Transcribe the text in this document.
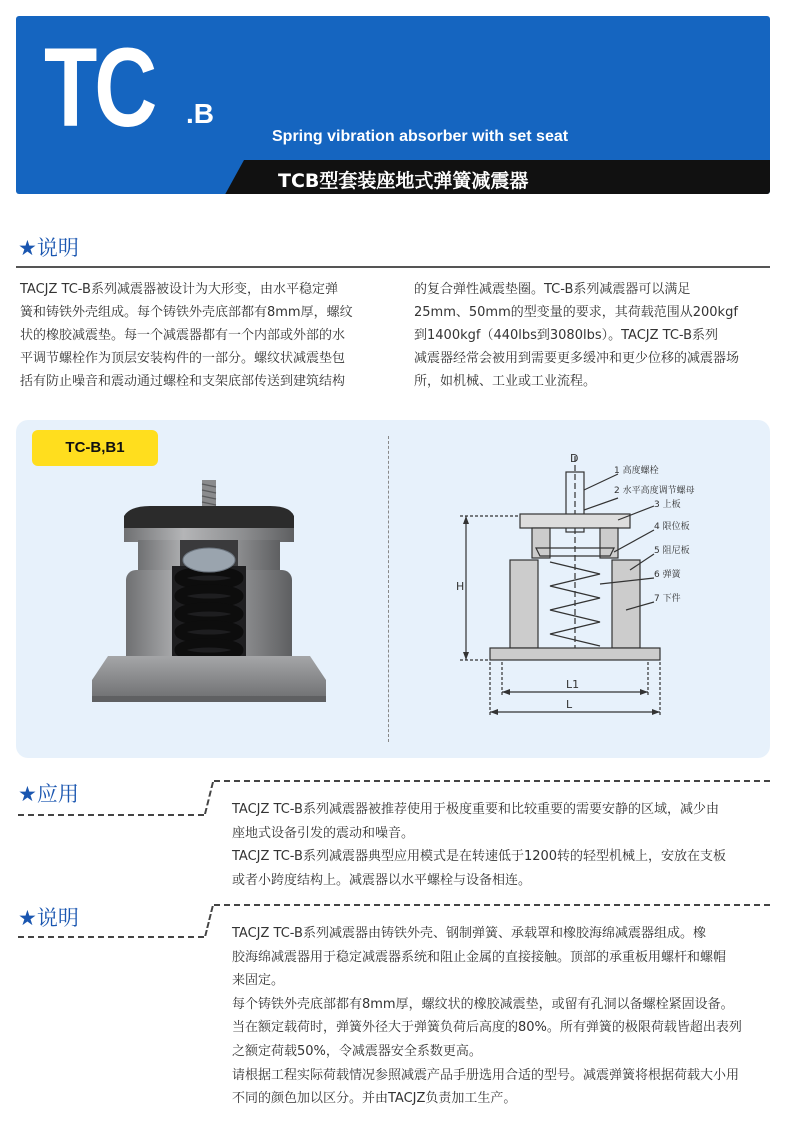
TC .B
Spring vibration absorber with set seat
TCB型套装座地式弹簧减震器
★说明

TACJZ TC-B系列减震器被设计为大形变，由水平稳定弹

簧和铸铁外壳组成。每个铸铁外壳底部都有8mm厚，螺纹

状的橡胶减震垫。每一个减震器都有一个内部或外部的水

平调节螺栓作为顶层安装构件的一部分。螺纹状减震垫包

括有防止噪音和震动通过螺栓和支架底部传送到建筑结构

的复合弹性减震垫圈。TC-B系列减震器可以满足

25mm、50mm的型变量的要求，其荷载范围从200kgf

到1400kgf（440lbs到3080lbs）。TACJZ TC-B系列

减震器经常会被用到需要更多缓冲和更少位移的减震器场

所，如机械、工业或工业流程。

TC-B,B1
D
H
L1
L
1 高度螺栓
2 水平高度调节螺母
3 上板
4 限位板
5 阻尼板
6 弹簧
7 下件
★应用

TACJZ TC-B系列减震器被推荐使用于极度重要和比较重要的需要安静的区域，减少由

座地式设备引发的震动和噪音。

TACJZ TC-B系列减震器典型应用模式是在转速低于1200转的轻型机械上，安放在支板

或者小跨度结构上。减震器以水平螺栓与设备相连。

★说明

TACJZ TC-B系列减震器由铸铁外壳、钢制弹簧、承载罩和橡胶海绵减震器组成。橡

胶海绵减震器用于稳定减震器系统和阻止金属的直接接触。顶部的承重板用螺杆和螺帽

来固定。

每个铸铁外壳底部都有8mm厚，螺纹状的橡胶减震垫，或留有孔洞以备螺栓紧固设备。

当在额定载荷时，弹簧外径大于弹簧负荷后高度的80%。所有弹簧的极限荷载皆超出表列

之额定荷载50%，令减震器安全系数更高。

请根据工程实际荷载情况参照减震产品手册选用合适的型号。减震弹簧将根据荷载大小用

不同的颜色加以区分。并由TACJZ负责加工生产。
